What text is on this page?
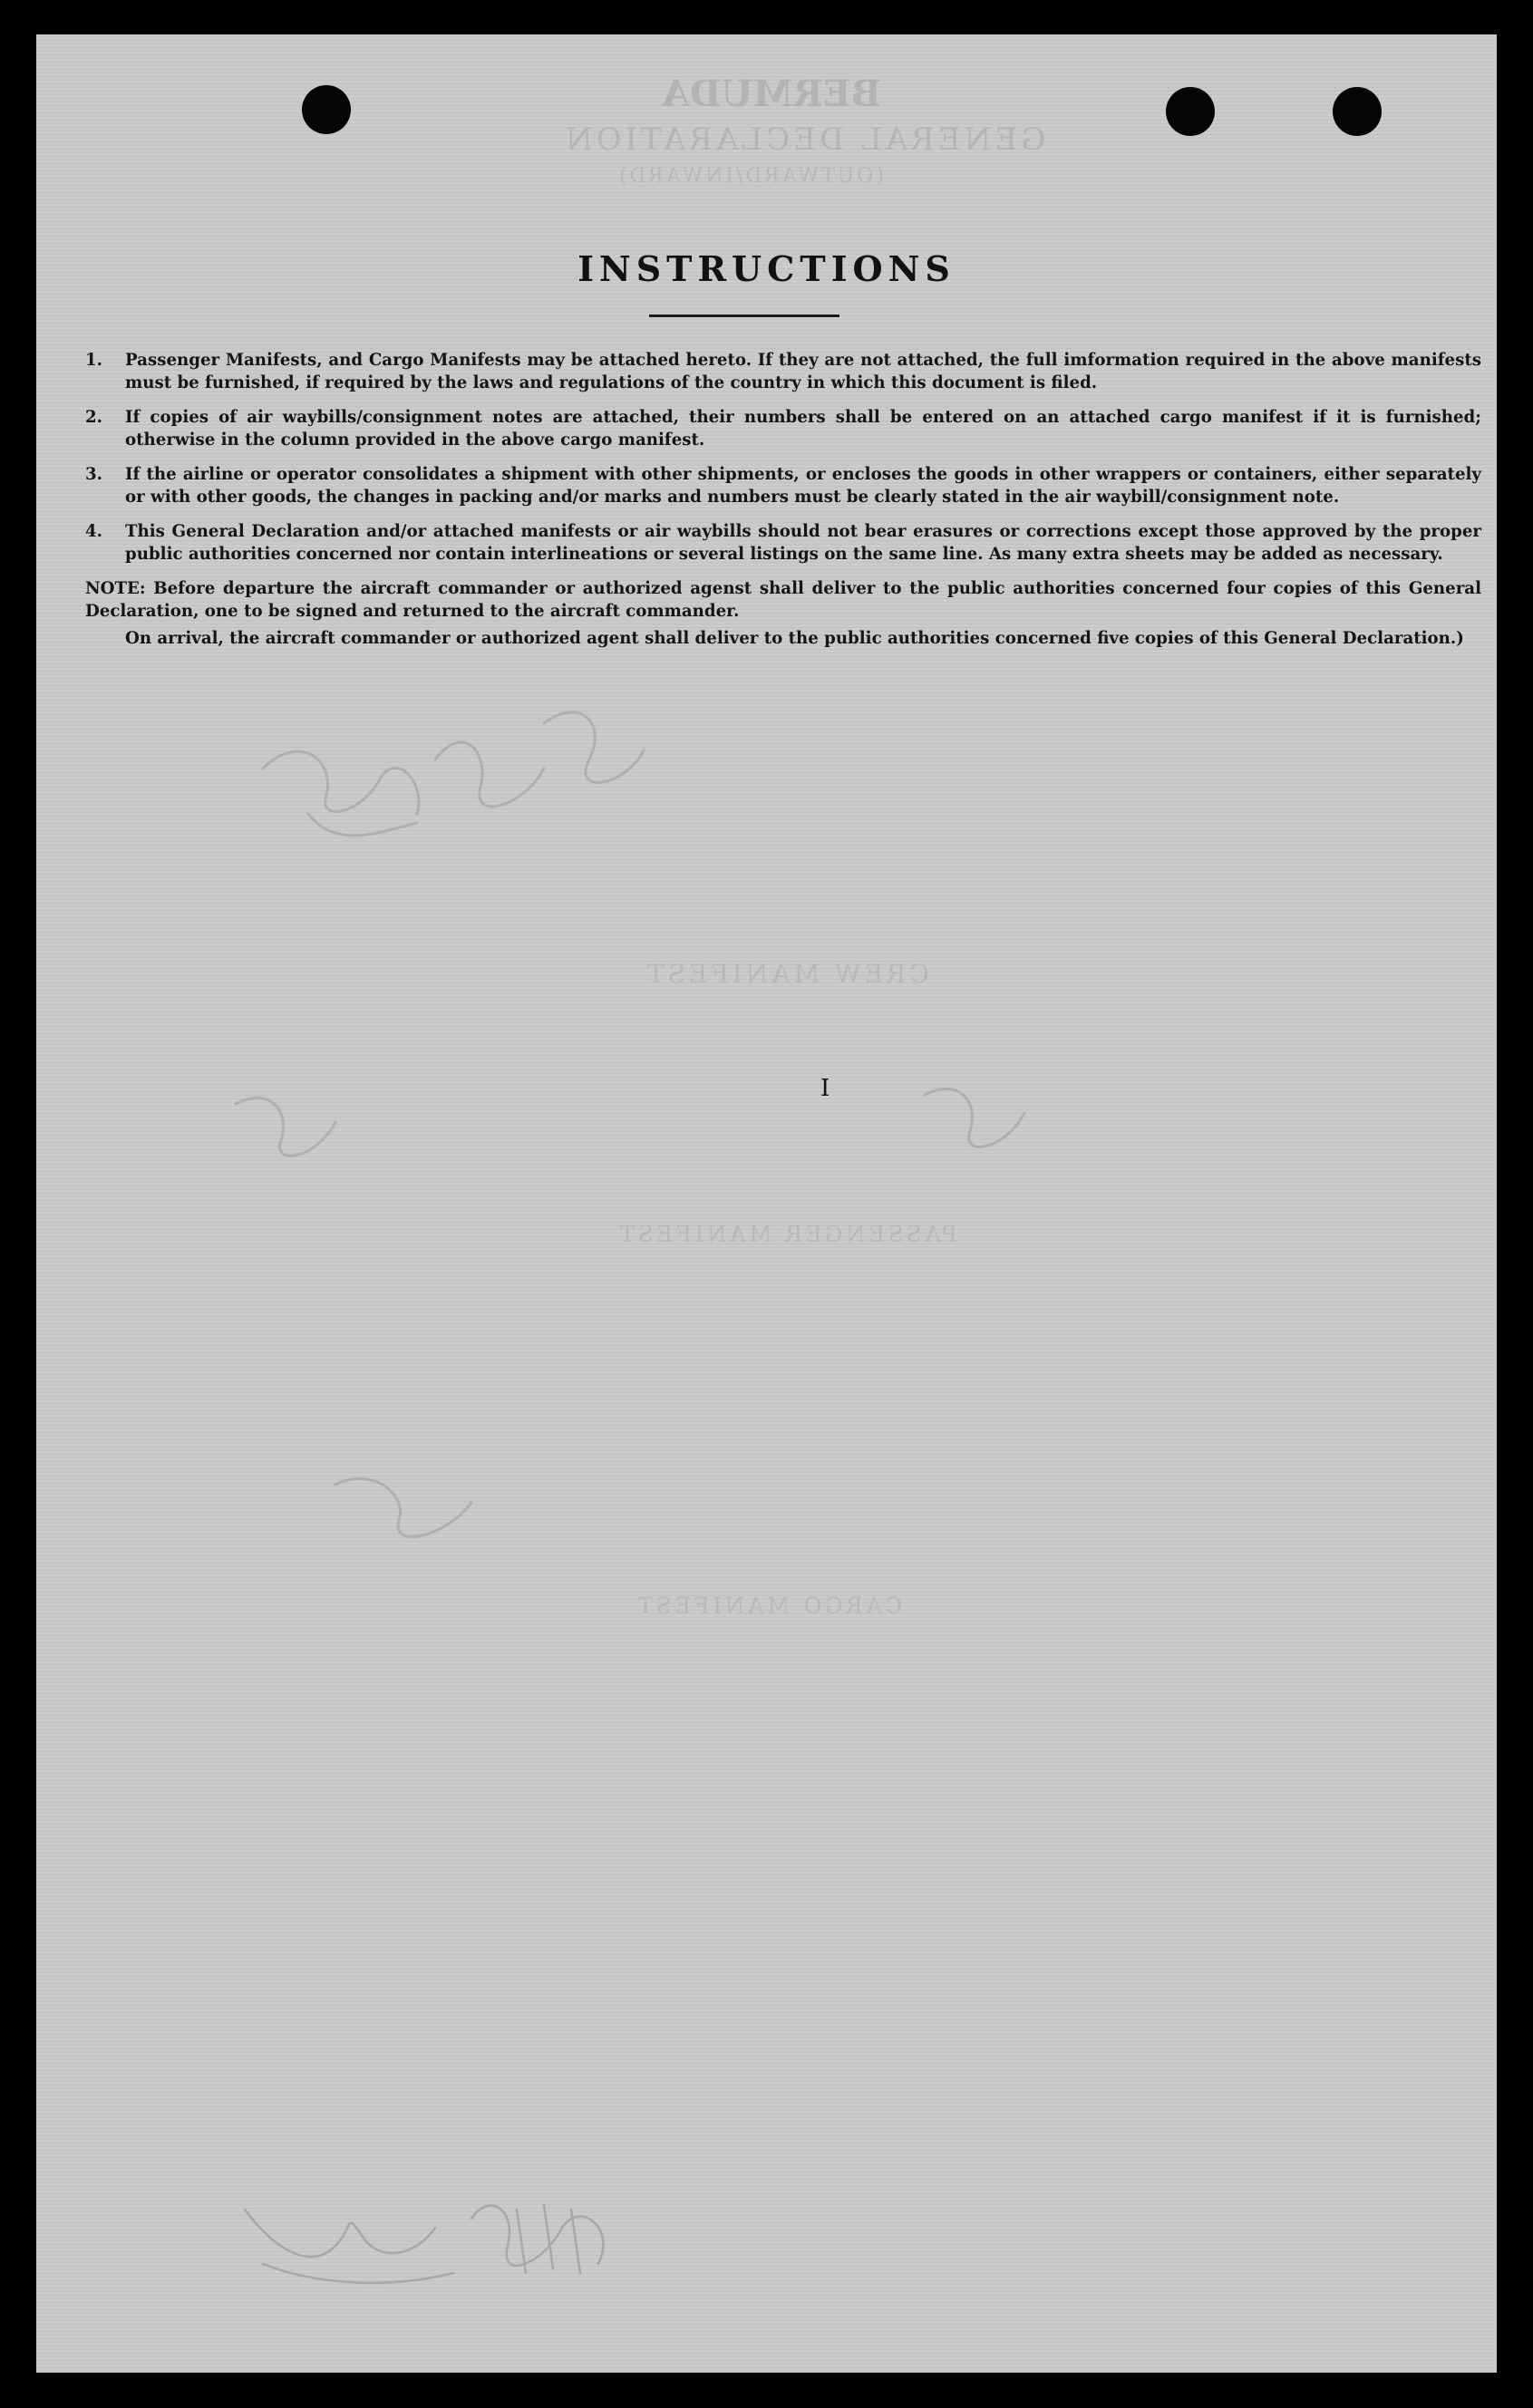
BERMUDA
GENERAL DECLARATION
(OUTWARD/INWARD)
CREW MANIFEST
PASSENGER MANIFEST
CARGO MANIFEST
INSTRUCTIONS
1. Passenger Manifests, and Cargo Manifests may be attached hereto. If they are not attached, the full imformation required in the above manifests must be furnished, if required by the laws and regulations of the country in which this document is filed.
2. If copies of air waybills/consignment notes are attached, their numbers shall be entered on an attached cargo manifest if it is furnished; otherwise in the column provided in the above cargo manifest.
3. If the airline or operator consolidates a shipment with other shipments, or encloses the goods in other wrappers or containers, either separately or with other goods, the changes in packing and/or marks and numbers must be clearly stated in the air waybill/consignment note.
4. This General Declaration and/or attached manifests or air waybills should not bear erasures or corrections except those approved by the proper public authorities concerned nor contain interlineations or several listings on the same line. As many extra sheets may be added as necessary.
NOTE: Before departure the aircraft commander or authorized agenst shall deliver to the public authorities concerned four copies of this General Declaration, one to be signed and returned to the aircraft commander.
On arrival, the aircraft commander or authorized agent shall deliver to the public authorities concerned five copies of this General Declaration.)
I
